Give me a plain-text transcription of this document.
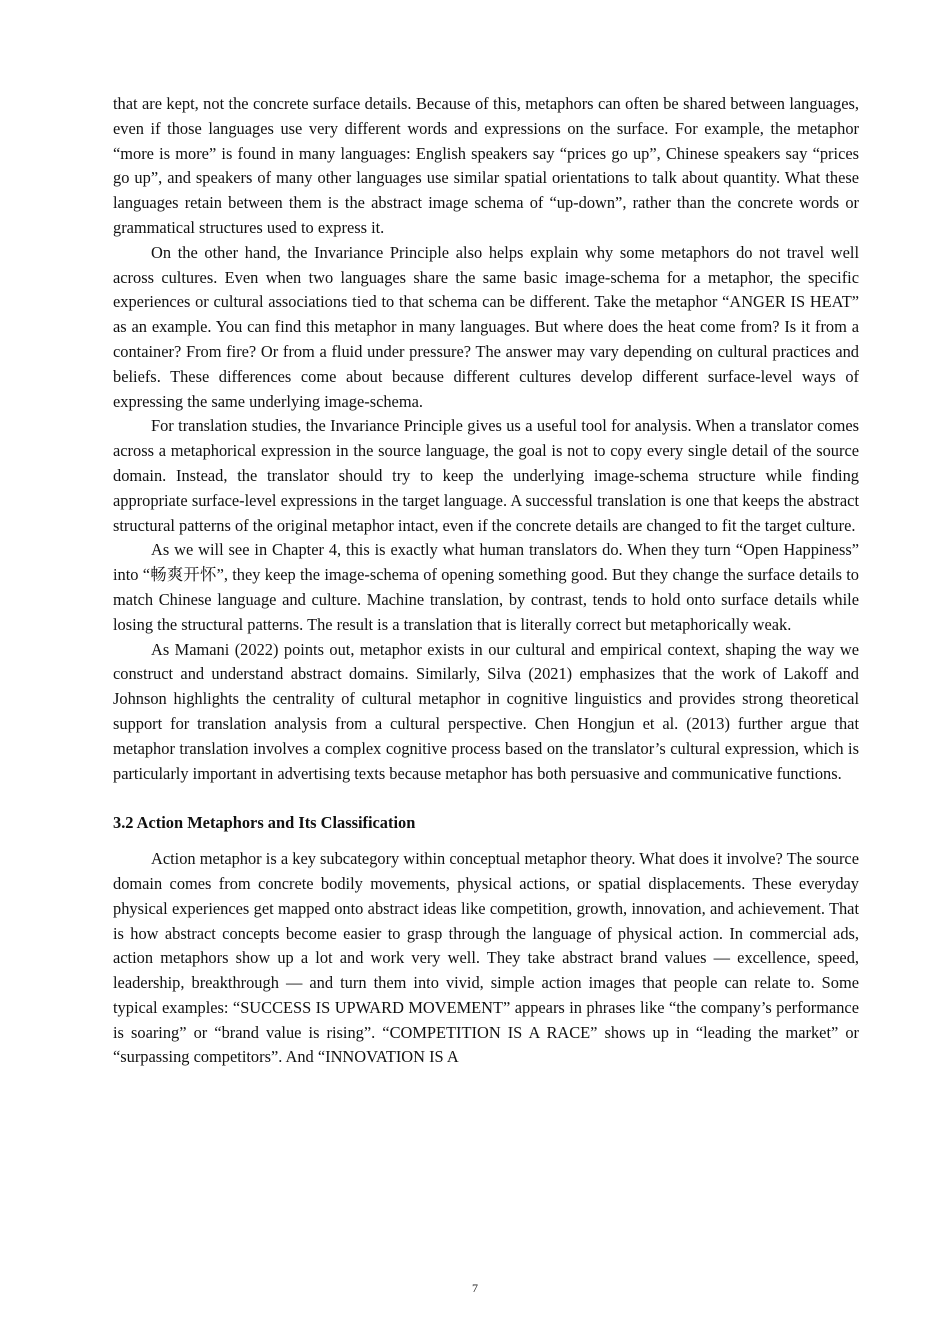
that are kept, not the concrete surface details. Because of this, metaphors can often be shared between languages, even if those languages use very different words and expressions on the surface. For example, the metaphor “more is more” is found in many languages: English speakers say “prices go up”, Chinese speakers say “prices go up”, and speakers of many other languages use similar spatial orientations to talk about quantity. What these languages retain between them is the abstract image schema of “up-down”, rather than the concrete words or grammatical structures used to express it.

On the other hand, the Invariance Principle also helps explain why some metaphors do not travel well across cultures. Even when two languages share the same basic image-schema for a metaphor, the specific experiences or cultural associations tied to that schema can be different. Take the metaphor “ANGER IS HEAT” as an example. You can find this metaphor in many languages. But where does the heat come from? Is it from a container? From fire? Or from a fluid under pressure? The answer may vary depending on cultural practices and beliefs. These differences come about because different cultures develop different surface-level ways of expressing the same underlying image-schema.

For translation studies, the Invariance Principle gives us a useful tool for analysis. When a translator comes across a metaphorical expression in the source language, the goal is not to copy every single detail of the source domain. Instead, the translator should try to keep the underlying image-schema structure while finding appropriate surface-level expressions in the target language. A successful translation is one that keeps the abstract structural patterns of the original metaphor intact, even if the concrete details are changed to fit the target culture.

As we will see in Chapter 4, this is exactly what human translators do. When they turn “Open Happiness” into “畅爽开怀”, they keep the image-schema of opening something good. But they change the surface details to match Chinese language and culture. Machine translation, by contrast, tends to hold onto surface details while losing the structural patterns. The result is a translation that is literally correct but metaphorically weak.

As Mamani (2022) points out, metaphor exists in our cultural and empirical context, shaping the way we construct and understand abstract domains. Similarly, Silva (2021) emphasizes that the work of Lakoff and Johnson highlights the centrality of cultural metaphor in cognitive linguistics and provides strong theoretical support for translation analysis from a cultural perspective. Chen Hongjun et al. (2013) further argue that metaphor translation involves a complex cognitive process based on the translator’s cultural expression, which is particularly important in advertising texts because metaphor has both persuasive and communicative functions.

3.2 Action Metaphors and Its Classification

Action metaphor is a key subcategory within conceptual metaphor theory. What does it involve? The source domain comes from concrete bodily movements, physical actions, or spatial displacements. These everyday physical experiences get mapped onto abstract ideas like competition, growth, innovation, and achievement. That is how abstract concepts become easier to grasp through the language of physical action. In commercial ads, action metaphors show up a lot and work very well. They take abstract brand values — excellence, speed, leadership, breakthrough — and turn them into vivid, simple action images that people can relate to. Some typical examples: “SUCCESS IS UPWARD MOVEMENT” appears in phrases like “the company’s performance is soaring” or “brand value is rising”. “COMPETITION IS A RACE” shows up in “leading the market” or “surpassing competitors”. And “INNOVATION IS A

7
